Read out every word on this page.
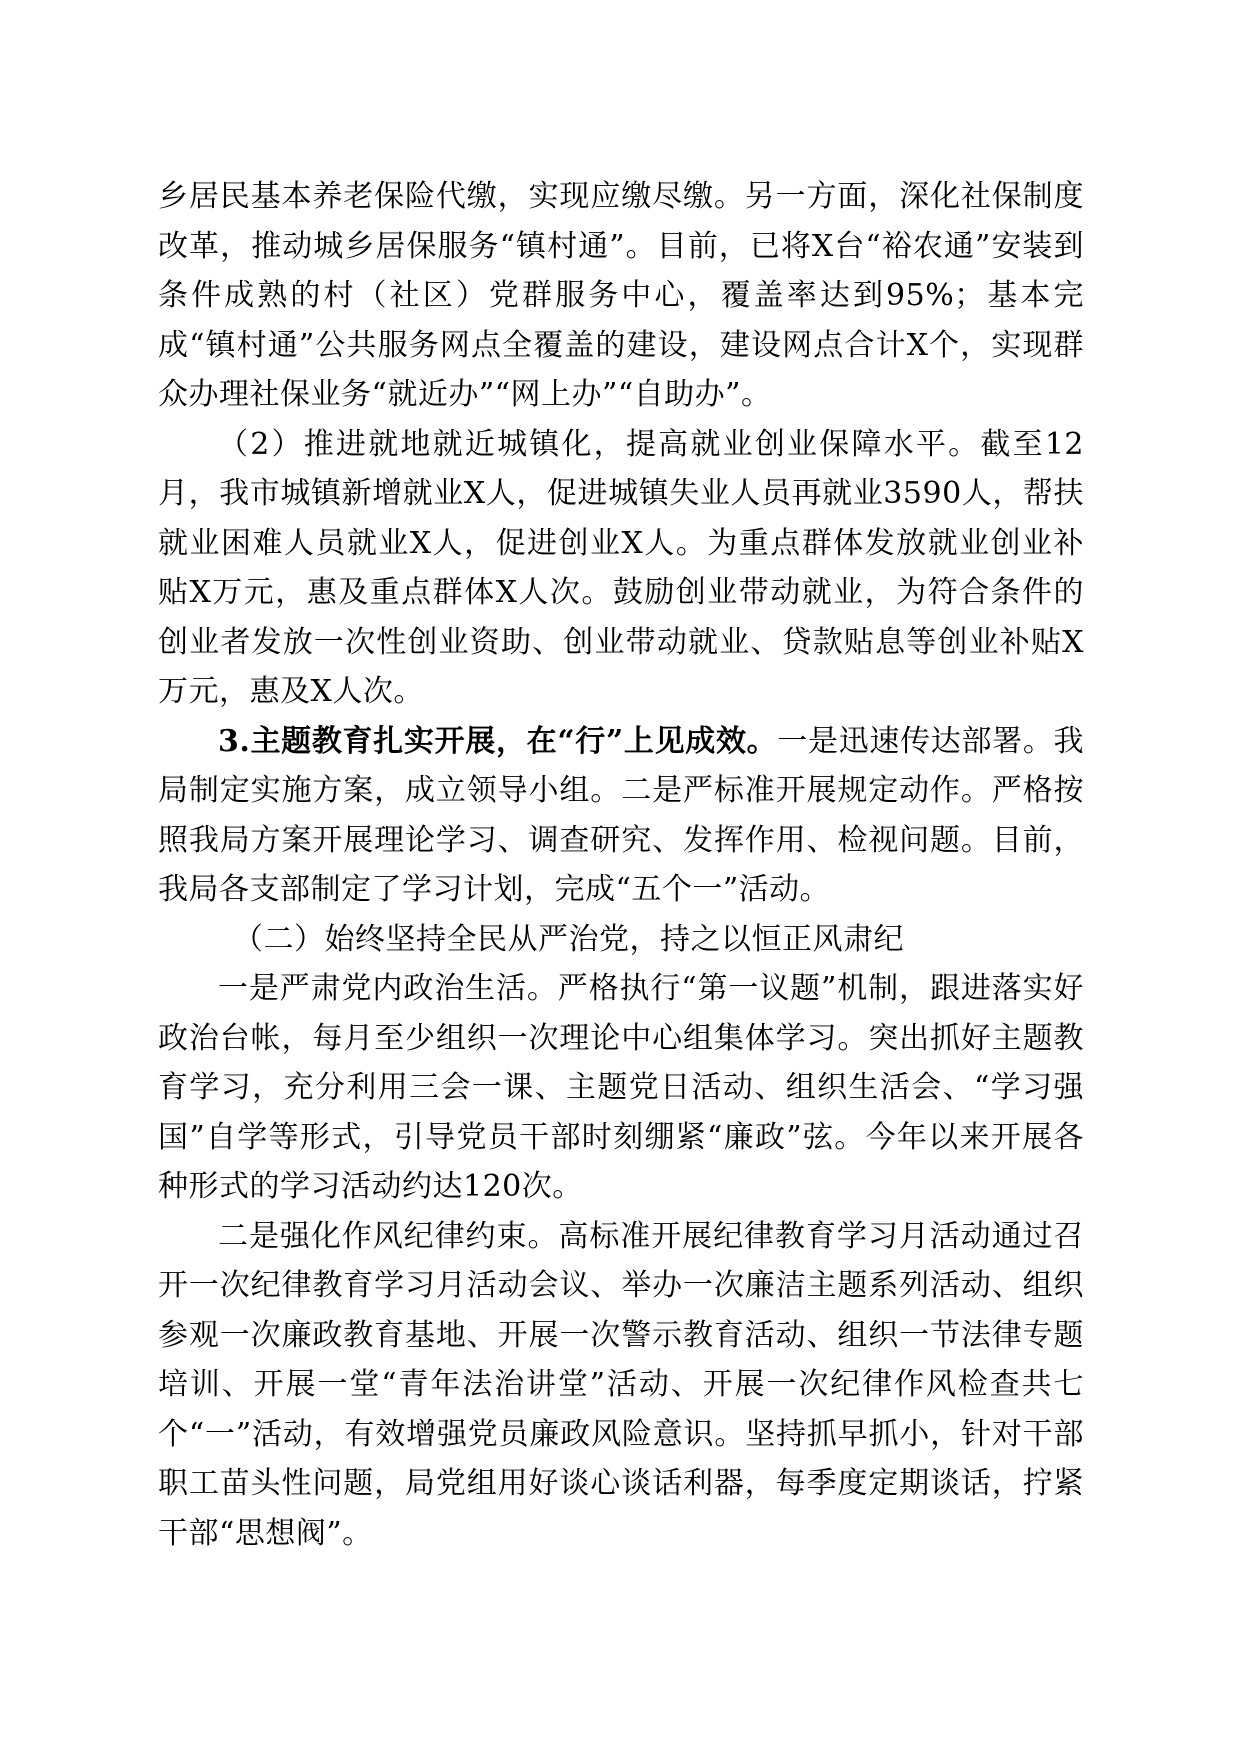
乡居民基本养老保险代缴，实现应缴尽缴。另一方面，深化社保制度改革，推动城乡居保服务“镇村通”。目前，已将X台“裕农通”安装到条件成熟的村（社区）党群服务中心，覆盖率达到95%；基本完成“镇村通”公共服务网点全覆盖的建设，建设网点合计X个，实现群众办理社保业务“就近办”“网上办”“自助办”。

（2）推进就地就近城镇化，提高就业创业保障水平。截至12月，我市城镇新增就业X人，促进城镇失业人员再就业3590人，帮扶就业困难人员就业X人，促进创业X人。为重点群体发放就业创业补贴X万元，惠及重点群体X人次。鼓励创业带动就业，为符合条件的创业者发放一次性创业资助、创业带动就业、贷款贴息等创业补贴X万元，惠及X人次。

3.主题教育扎实开展，在“行”上见成效。一是迅速传达部署。我局制定实施方案，成立领导小组。二是严标准开展规定动作。严格按照我局方案开展理论学习、调查研究、发挥作用、检视问题。目前，我局各支部制定了学习计划，完成“五个一”活动。

（二）始终坚持全民从严治党，持之以恒正风肃纪

一是严肃党内政治生活。严格执行“第一议题”机制，跟进落实好政治台帐，每月至少组织一次理论中心组集体学习。突出抓好主题教育学习，充分利用三会一课、主题党日活动、组织生活会、“学习强国”自学等形式，引导党员干部时刻绷紧“廉政”弦。今年以来开展各种形式的学习活动约达120次。

二是强化作风纪律约束。高标准开展纪律教育学习月活动通过召开一次纪律教育学习月活动会议、举办一次廉洁主题系列活动、组织参观一次廉政教育基地、开展一次警示教育活动、组织一节法律专题培训、开展一堂“青年法治讲堂”活动、开展一次纪律作风检查共七个“一”活动，有效增强党员廉政风险意识。坚持抓早抓小，针对干部职工苗头性问题，局党组用好谈心谈话利器，每季度定期谈话，拧紧干部“思想阀”。
